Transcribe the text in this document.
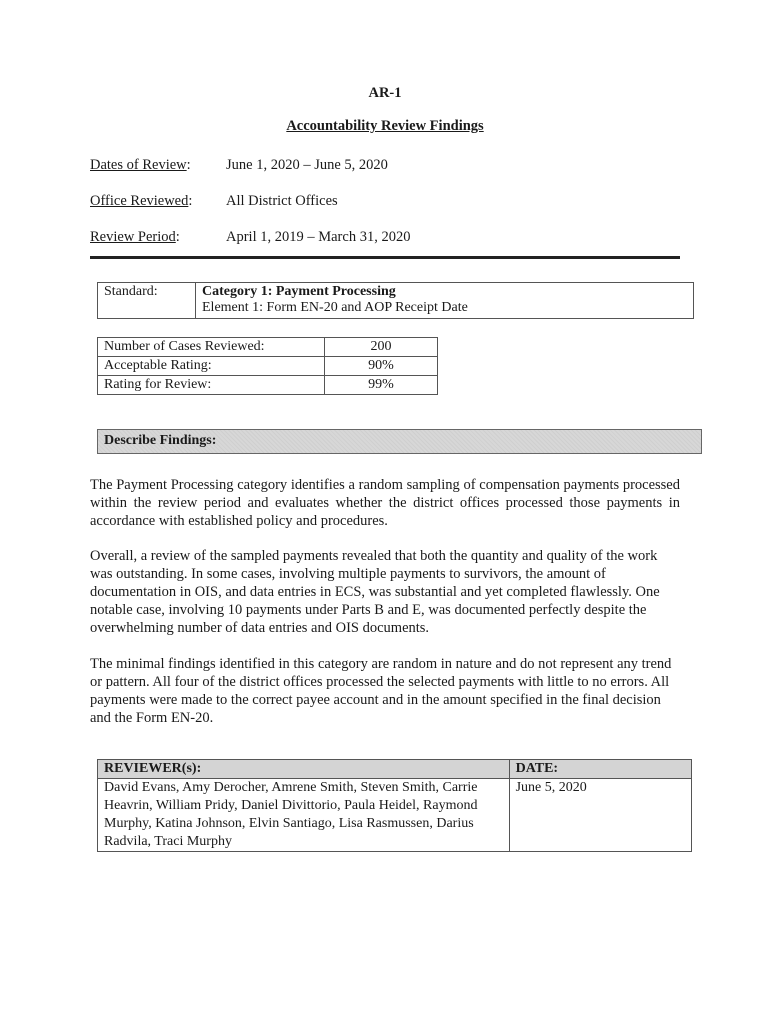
AR-1
Accountability Review Findings
Dates of Review: June 1, 2020 – June 5, 2020
Office Reviewed: All District Offices
Review Period:	April 1, 2019 – March 31, 2020
Standard:	Category 1: Payment Processing
Element 1: Form EN-20 and AOP Receipt Date
Number of Cases Reviewed:	200
Acceptable Rating:	90%
Rating for Review:	99%
Describe Findings:

The Payment Processing category identifies a random sampling of compensation payments processed within the review period and evaluates whether the district offices processed those payments in accordance with established policy and procedures.

Overall, a review of the sampled payments revealed that both the quantity and quality of the work was outstanding. In some cases, involving multiple payments to survivors, the amount of documentation in OIS, and data entries in ECS, was substantial and yet completed flawlessly. One notable case, involving 10 payments under Parts B and E, was documented perfectly despite the overwhelming number of data entries and OIS documents.

The minimal findings identified in this category are random in nature and do not represent any trend or pattern. All four of the district offices processed the selected payments with little to no errors. All payments were made to the correct payee account and in the amount specified in the final decision and the Form EN-20.

REVIEWER(s):	DATE:
David Evans, Amy Derocher, Amrene Smith, Steven Smith, Carrie Heavrin, William Pridy, Daniel Divittorio, Paula Heidel, Raymond Murphy, Katina Johnson, Elvin Santiago, Lisa Rasmussen, Darius Radvila, Traci Murphy	June 5, 2020
